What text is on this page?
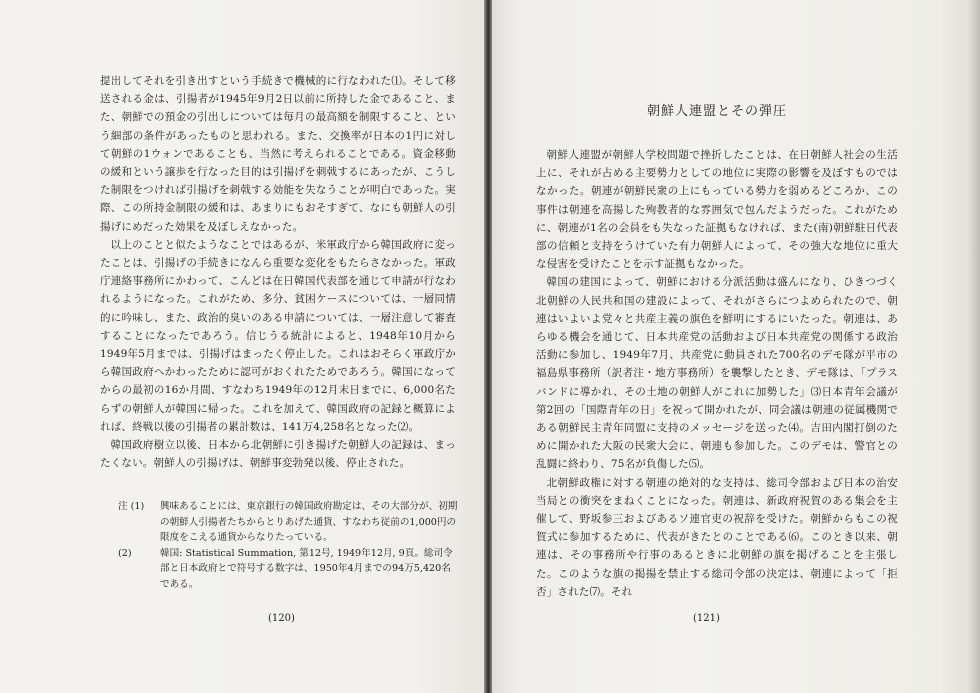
提出してそれを引き出すという手続きで機械的に行なわれた⑴。そして移送される金は、引揚者が1945年9月2日以前に所持した金であること、また、朝鮮での預金の引出しについては毎月の最高額を制限すること、という細部の条件があったものと思われる。また、交換率が日本の1円に対して朝鮮の1ウォンであることも、当然に考えられることである。資金移動の緩和という譲歩を行なった目的は引揚げを刺戟するにあったが、こうした制限をつければ引揚げを刺戟する効能を失なうことが明白であった。実際、この所持金制限の緩和は、あまりにもおそすぎて、なにも朝鮮人の引揚げにめだった効果を及ぼしえなかった。

以上のことと似たようなことではあるが、米軍政庁から韓国政府に変ったことは、引揚げの手続きになんら重要な変化をもたらさなかった。軍政庁連絡事務所にかわって、こんどは在日韓国代表部を通じて申請が行なわれるようになった。これがため、多分、貧困ケースについては、一層同情的に吟味し、また、政治的臭いのある申請については、一層注意して審査することになったであろう。信じうる統計によると、1948年10月から1949年5月までは、引揚げはまったく停止した。これはおそらく軍政庁から韓国政府へかわったために認可がおくれたためであろう。韓国になってからの最初の16か月間、すなわち1949年の12月末日までに、6,000名たらずの朝鮮人が韓国に帰った。これを加えて、韓国政府の記録と概算によれば、終戦以後の引揚者の累計数は、141万4,258名となった⑵。

韓国政府樹立以後、日本から北朝鮮に引き揚げた朝鮮人の記録は、まったくない。朝鮮人の引揚げは、朝鮮事変勃発以後、停止された。

注 (1)	興味あることには、東京銀行の韓国政府勘定は、その大部分が、初期の朝鮮人引揚者たちからとりあげた通貨、すなわち従前の1,000円の限度をこえる通貨からなりたっている。
(2)	韓国: Statistical Summation, 第12号, 1949年12月, 9頁。総司令部と日本政府とで符号する数字は、1950年4月までの94万5,420名である。
(120)
朝鮮人連盟とその弾圧

朝鮮人連盟が朝鮮人学校問題で挫折したことは、在日朝鮮人社会の生活上に、それが占める主要勢力としての地位に実際の影響を及ぼすものではなかった。朝連が朝鮮民衆の上にもっている勢力を弱めるどころか、この事件は朝連を高揚した殉教者的な雰囲気で包んだようだった。これがために、朝連が1名の会員をも失なった証拠もなければ、また(南)朝鮮駐日代表部の信頼と支持をうけていた有力朝鮮人によって、その強大な地位に重大な侵害を受けたことを示す証拠もなかった。

韓国の建国によって、朝鮮における分派活動は盛んになり、ひきつづく北朝鮮の人民共和国の建設によって、それがさらにつよめられたので、朝連はいよいよ党々と共産主義の旗色を鮮明にするにいたった。朝連は、あらゆる機会を通じて、日本共産党の活動および日本共産党の関係する政治活動に参加し、1949年7月、共産党に動員された700名のデモ隊が平市の福島県事務所（訳者注・地方事務所）を襲撃したとき、デモ隊は、「プラスバンドに導かれ、その土地の朝鮮人がこれに加勢した」⑶日本青年会議が第2回の「国際青年の日」を祝って開かれたが、同会議は朝連の従属機関である朝鮮民主青年同盟に支持のメッセージを送った⑷。吉田内閣打倒のために開かれた大阪の民衆大会に、朝連も参加した。このデモは、警官との乱闘に終わり、75名が負傷した⑸。

北朝鮮政権に対する朝連の絶対的な支持は、総司令部および日本の治安当局との衝突をまねくことになった。朝連は、新政府祝賀のある集会を主催して、野坂参三およびあるソ連官吏の祝辞を受けた。朝鮮からもこの祝賀式に参加するために、代表がきたとのことである⑹。このとき以来、朝連は、その事務所や行事のあるときに北朝鮮の旗を掲げることを主張した。このような旗の掲揚を禁止する総司令部の決定は、朝連によって「拒否」された⑺。それ

(121)
